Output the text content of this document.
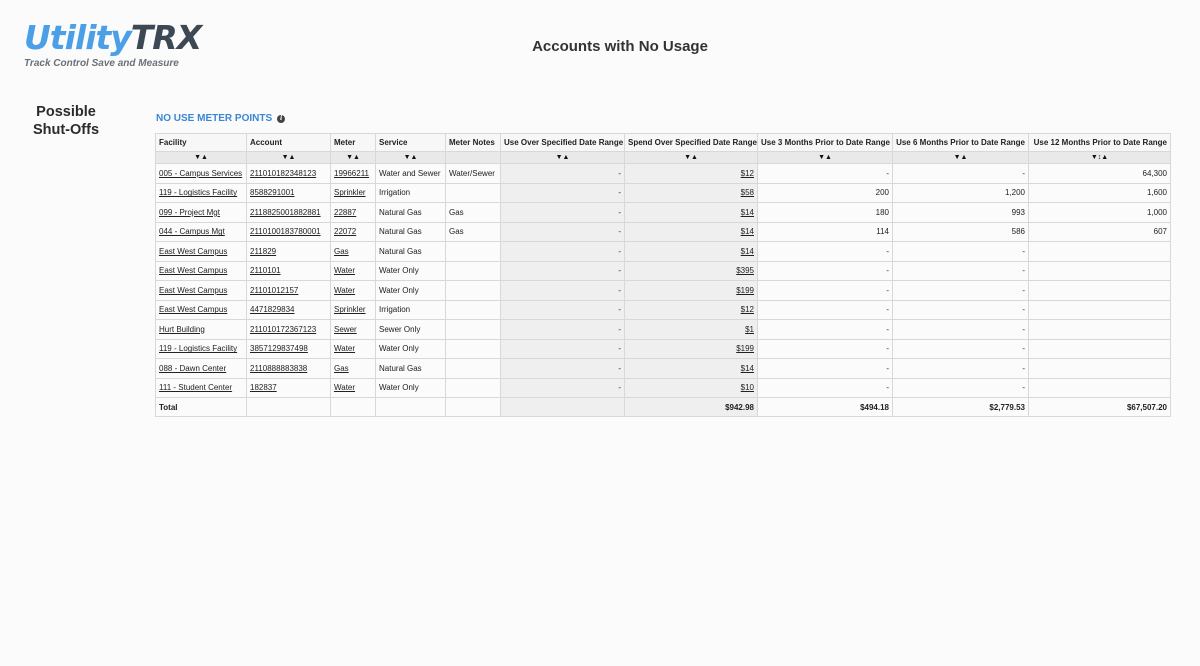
UtilityTRX
Track Control Save and Measure
Accounts with No Usage
Possible Shut-Offs
NO USE METER POINTS	i
Facility	Account	Meter	Service	Meter Notes	Use Over Specified Date Range	Spend Over Specified Date Range	Use 3 Months Prior to Date Range	Use 6 Months Prior to Date Range	Use 12 Months Prior to Date Range
▼▲	▼▲	▼▲	▼▲		▼▲	▼▲	▼▲	▼▲	▼↕▲
005 - Campus Services	211010182348123	19966211	Water and Sewer	Water/Sewer	-	$12	-	-	64,300
119 - Logistics Facility	8588291001	Sprinkler	Irrigation		-	$58	200	1,200	1,600
099 - Project Mgt	2118825001882881	22887	Natural Gas	Gas	-	$14	180	993	1,000
044 - Campus Mgt	2110100183780001	22072	Natural Gas	Gas	-	$14	114	586	607
East West Campus	211829	Gas	Natural Gas		-	$14	-	-	
East West Campus	2110101	Water	Water Only		-	$395	-	-	
East West Campus	21101012157	Water	Water Only		-	$199	-	-	
East West Campus	4471829834	Sprinkler	Irrigation		-	$12	-	-	
Hurt Building	211010172367123	Sewer	Sewer Only		-	$1	-	-	
119 - Logistics Facility	3857129837498	Water	Water Only		-	$199	-	-	
088 - Dawn Center	2110888883838	Gas	Natural Gas		-	$14	-	-	
111 - Student Center	182837	Water	Water Only		-	$10	-	-	
Total						$942.98	$494.18	$2,779.53	$67,507.20
